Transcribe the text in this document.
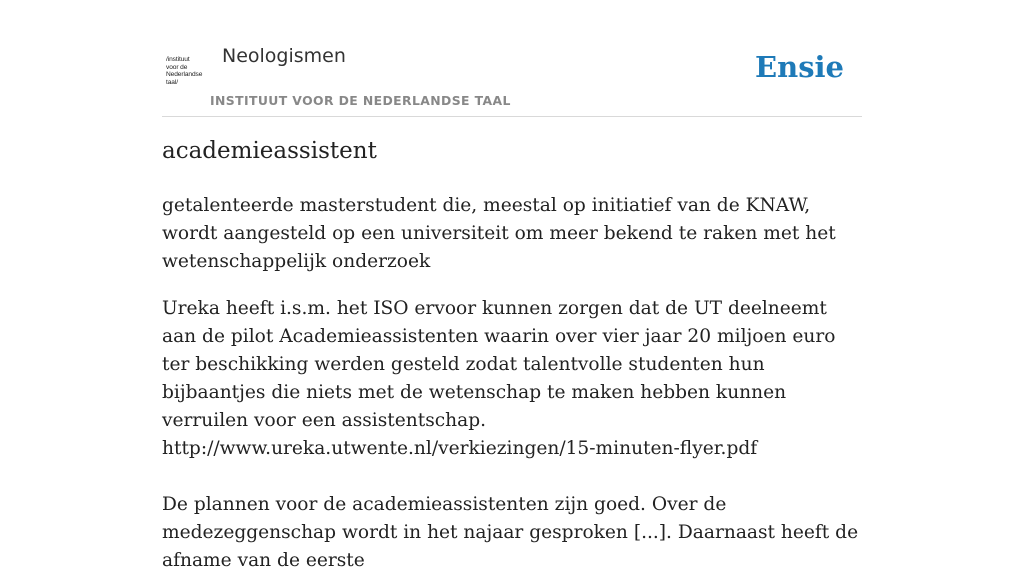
/instituut
voor de
Nederlandse
taal/
Neologismen
INSTITUUT VOOR DE NEDERLANDSE TAAL
Ensie
academieassistent

getalenteerde masterstudent die, meestal op initiatief van de KNAW, wordt aangesteld op een universiteit om meer bekend te raken met het wetenschappelijk onderzoek

Ureka heeft i.s.m. het ISO ervoor kunnen zorgen dat de UT deelneemt aan de pilot Academieassistenten waarin over vier jaar 20 miljoen euro ter beschikking werden gesteld zodat talentvolle studenten hun bijbaantjes die niets met de wetenschap te maken hebben kunnen verruilen voor een assistentschap.
http://www.ureka.utwente.nl/verkiezingen/15-minuten-flyer.pdf

De plannen voor de academieassistenten zijn goed. Over de medezeggenschap wordt in het najaar gesproken [...]. Daarnaast heeft de afname van de eerste
